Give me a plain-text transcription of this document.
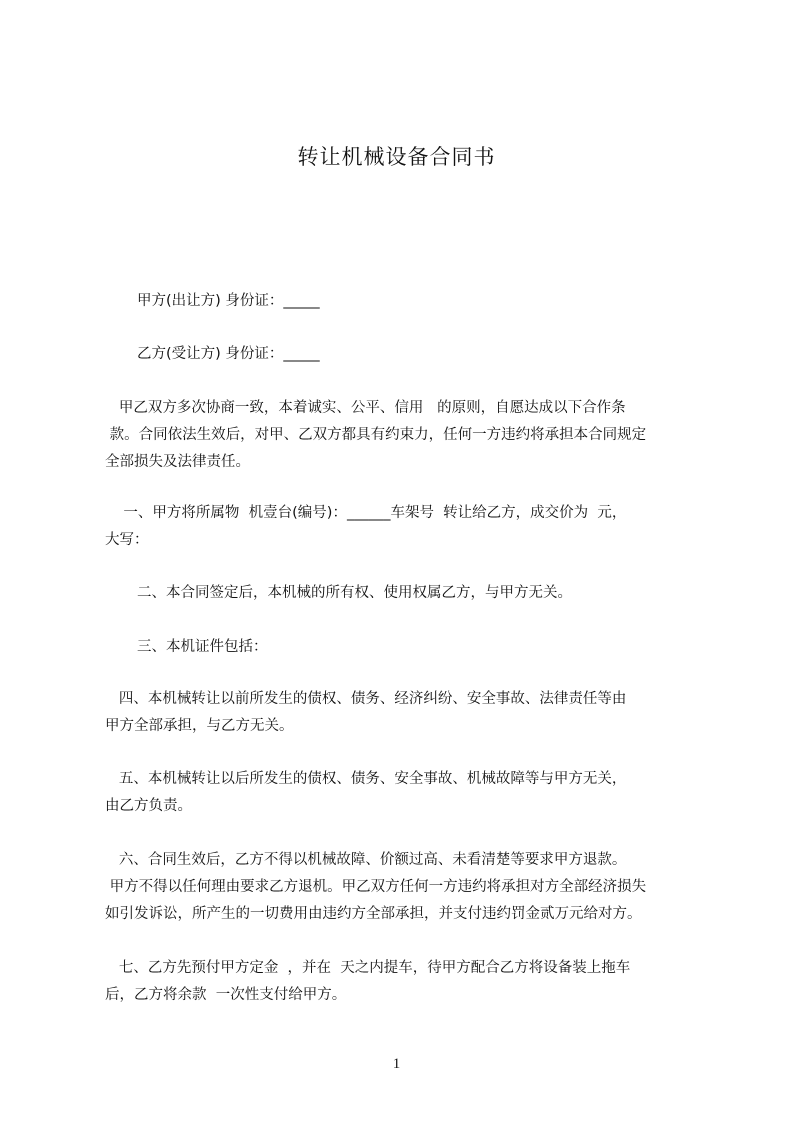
转让机械设备合同书
甲方(出让方) 身份证：_____
乙方(受让方) 身份证：_____
甲乙双方多次协商一致，本着诚实、公平、信用   的原则，自愿达成以下合作条
款。合同依法生效后，对甲、乙双方都具有约束力，任何一方违约将承担本合同规定
全部损失及法律责任。
一、甲方将所属物  机壹台(编号)：______车架号  转让给乙方，成交价为  元，
大写：
二、本合同签定后，本机械的所有权、使用权属乙方，与甲方无关。
三、本机证件包括：
四、本机械转让以前所发生的债权、债务、经济纠纷、安全事故、法律责任等由
甲方全部承担，与乙方无关。
五、本机械转让以后所发生的债权、债务、安全事故、机械故障等与甲方无关，
由乙方负责。
六、合同生效后，乙方不得以机械故障、价额过高、未看清楚等要求甲方退款。
甲方不得以任何理由要求乙方退机。甲乙双方任何一方违约将承担对方全部经济损失
如引发诉讼，所产生的一切费用由违约方全部承担，并支付违约罚金贰万元给对方。
七、乙方先预付甲方定金  ，并在  天之内提车，待甲方配合乙方将设备装上拖车
后，乙方将余款  一次性支付给甲方。
1
